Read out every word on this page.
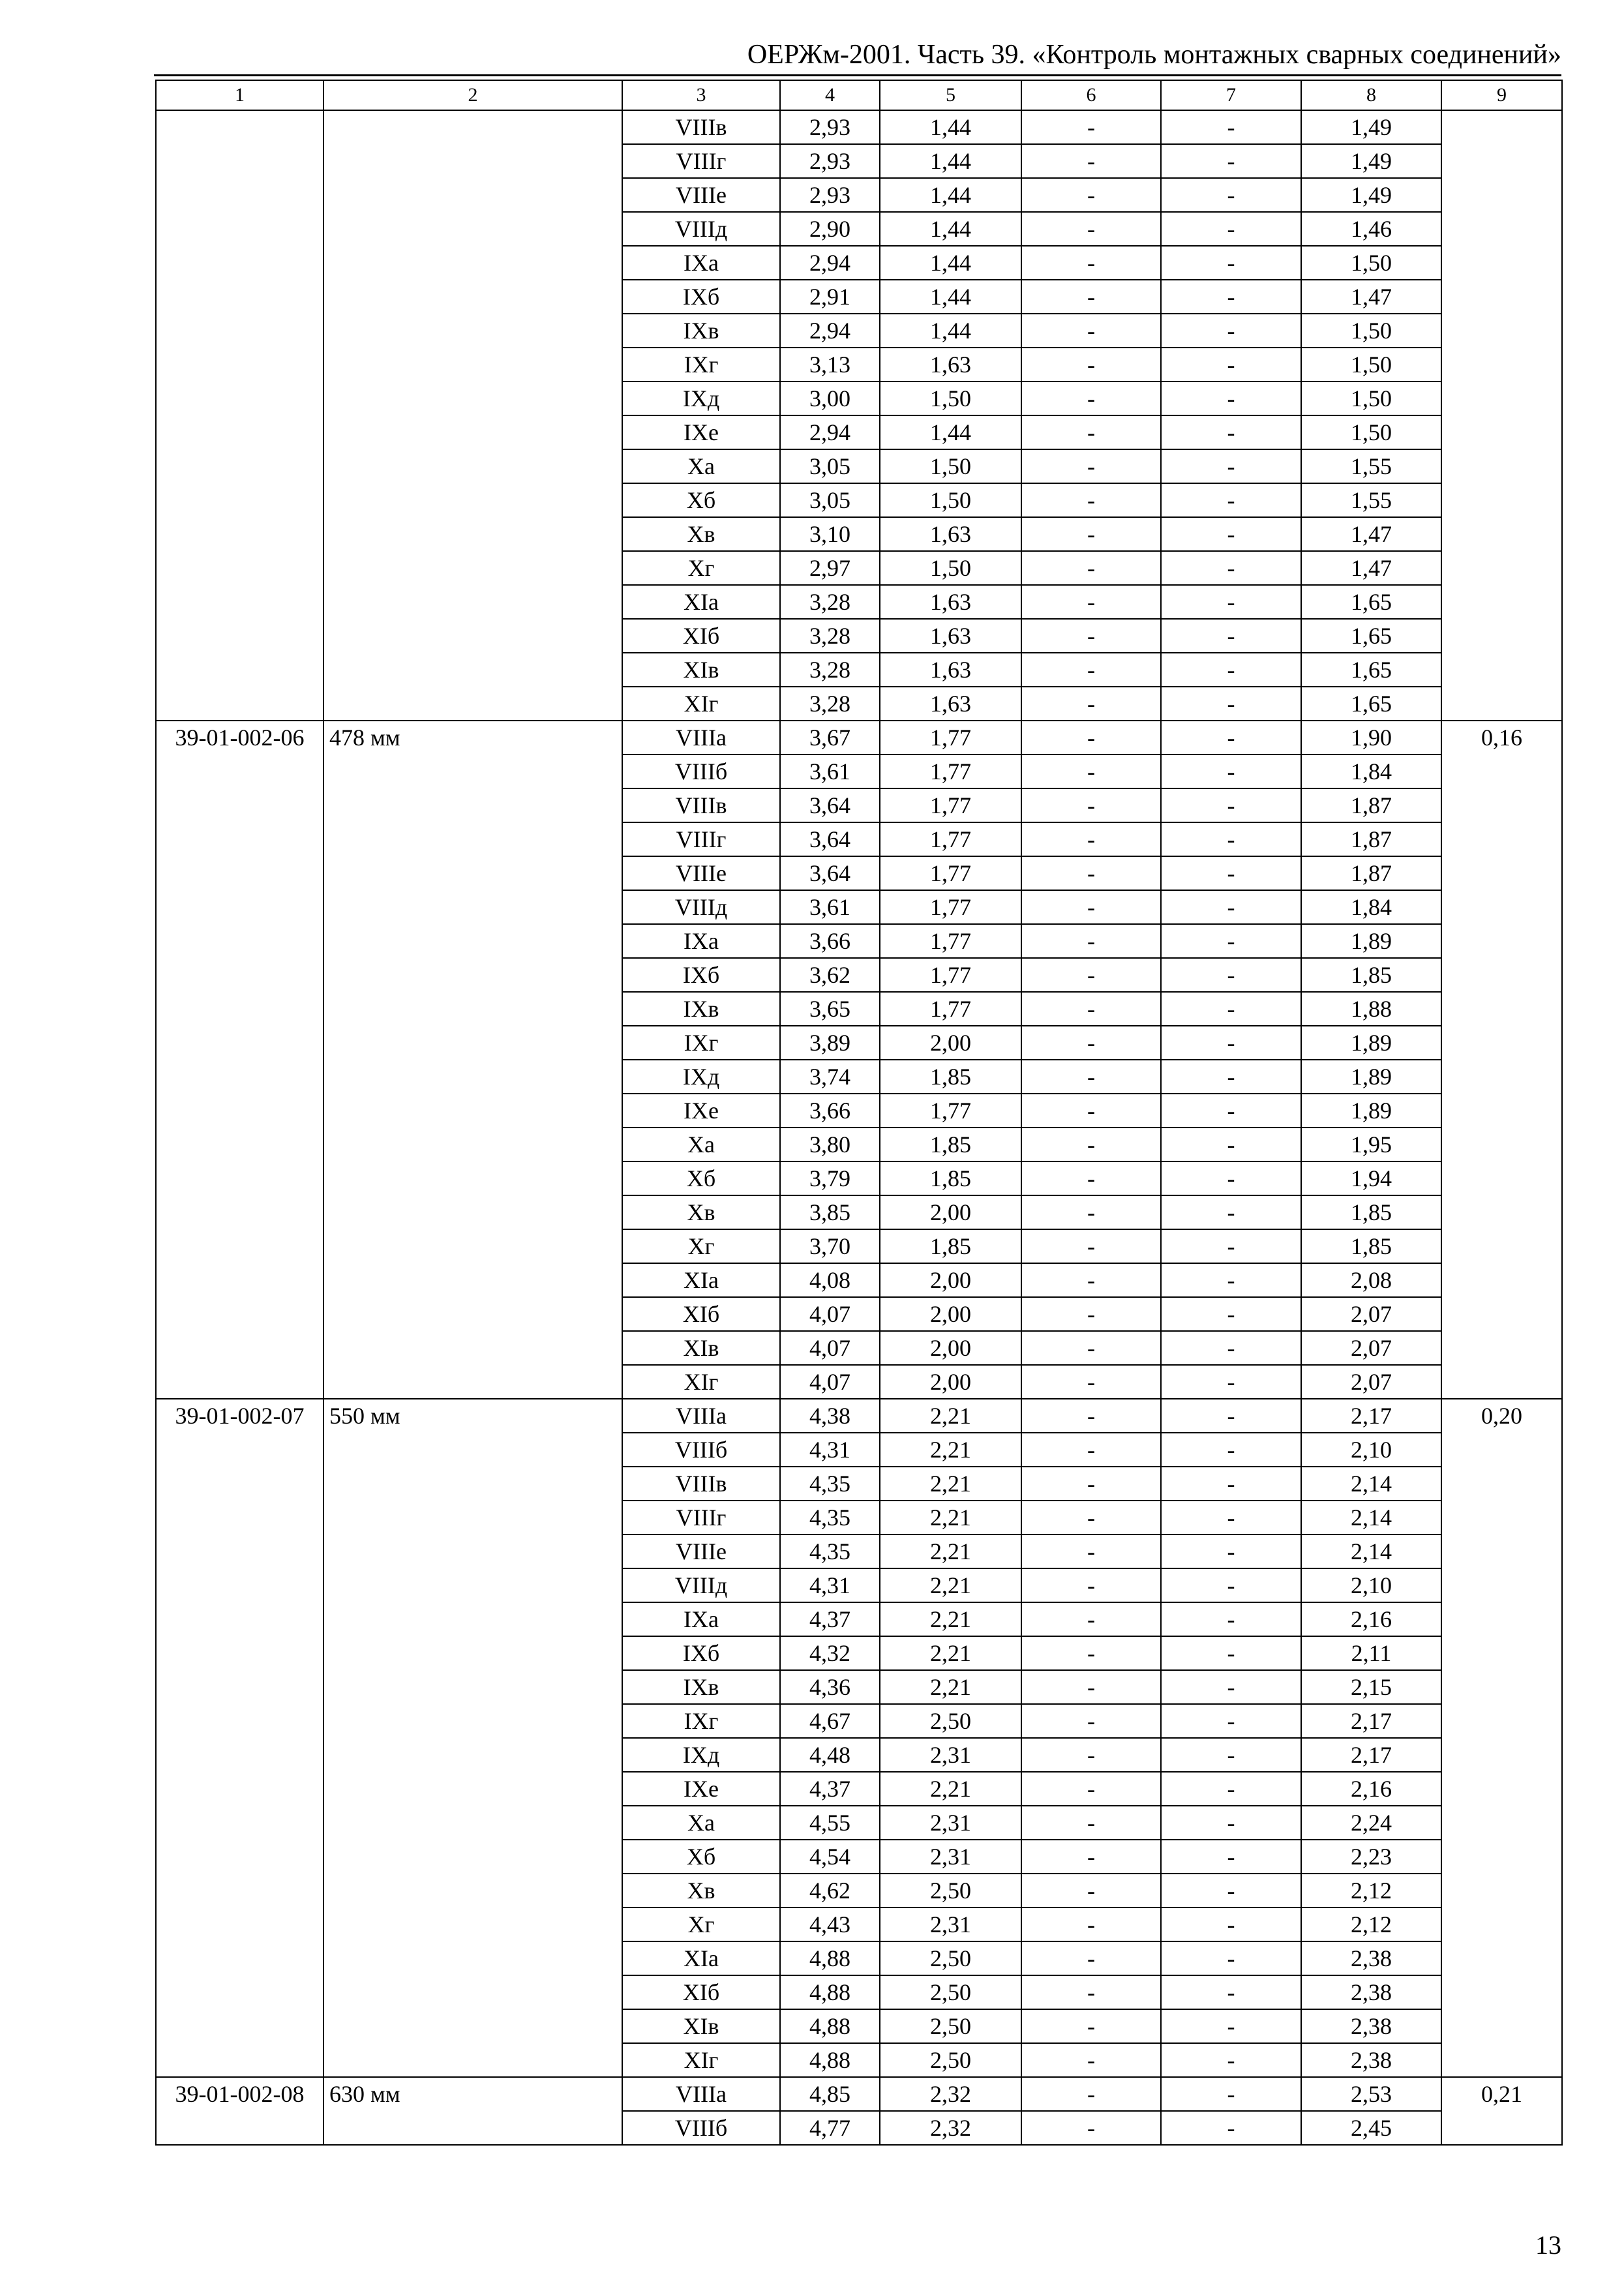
ОЕРЖм-2001. Часть 39. «Контроль монтажных сварных соединений»
1	2	3	4	5	6	7	8	9
		VIIIв	2,93	1,44	-	-	1,49	
		VIIIг	2,93	1,44	-	-	1,49	
		VIIIе	2,93	1,44	-	-	1,49	
		VIIIд	2,90	1,44	-	-	1,46	
		IXа	2,94	1,44	-	-	1,50	
		IXб	2,91	1,44	-	-	1,47	
		IXв	2,94	1,44	-	-	1,50	
		IXг	3,13	1,63	-	-	1,50	
		IXд	3,00	1,50	-	-	1,50	
		IXе	2,94	1,44	-	-	1,50	
		Xа	3,05	1,50	-	-	1,55	
		Xб	3,05	1,50	-	-	1,55	
		Xв	3,10	1,63	-	-	1,47	
		Xг	2,97	1,50	-	-	1,47	
		XIа	3,28	1,63	-	-	1,65	
		XIб	3,28	1,63	-	-	1,65	
		XIв	3,28	1,63	-	-	1,65	
		XIг	3,28	1,63	-	-	1,65	
39-01-002-06	478 мм	VIIIа	3,67	1,77	-	-	1,90	0,16
		VIIIб	3,61	1,77	-	-	1,84	
		VIIIв	3,64	1,77	-	-	1,87	
		VIIIг	3,64	1,77	-	-	1,87	
		VIIIе	3,64	1,77	-	-	1,87	
		VIIIд	3,61	1,77	-	-	1,84	
		IXа	3,66	1,77	-	-	1,89	
		IXб	3,62	1,77	-	-	1,85	
		IXв	3,65	1,77	-	-	1,88	
		IXг	3,89	2,00	-	-	1,89	
		IXд	3,74	1,85	-	-	1,89	
		IXе	3,66	1,77	-	-	1,89	
		Xа	3,80	1,85	-	-	1,95	
		Xб	3,79	1,85	-	-	1,94	
		Xв	3,85	2,00	-	-	1,85	
		Xг	3,70	1,85	-	-	1,85	
		XIа	4,08	2,00	-	-	2,08	
		XIб	4,07	2,00	-	-	2,07	
		XIв	4,07	2,00	-	-	2,07	
		XIг	4,07	2,00	-	-	2,07	
39-01-002-07	550 мм	VIIIа	4,38	2,21	-	-	2,17	0,20
		VIIIб	4,31	2,21	-	-	2,10	
		VIIIв	4,35	2,21	-	-	2,14	
		VIIIг	4,35	2,21	-	-	2,14	
		VIIIе	4,35	2,21	-	-	2,14	
		VIIIд	4,31	2,21	-	-	2,10	
		IXа	4,37	2,21	-	-	2,16	
		IXб	4,32	2,21	-	-	2,11	
		IXв	4,36	2,21	-	-	2,15	
		IXг	4,67	2,50	-	-	2,17	
		IXд	4,48	2,31	-	-	2,17	
		IXе	4,37	2,21	-	-	2,16	
		Xа	4,55	2,31	-	-	2,24	
		Xб	4,54	2,31	-	-	2,23	
		Xв	4,62	2,50	-	-	2,12	
		Xг	4,43	2,31	-	-	2,12	
		XIа	4,88	2,50	-	-	2,38	
		XIб	4,88	2,50	-	-	2,38	
		XIв	4,88	2,50	-	-	2,38	
		XIг	4,88	2,50	-	-	2,38	
39-01-002-08	630 мм	VIIIа	4,85	2,32	-	-	2,53	0,21
		VIIIб	4,77	2,32	-	-	2,45	
13
